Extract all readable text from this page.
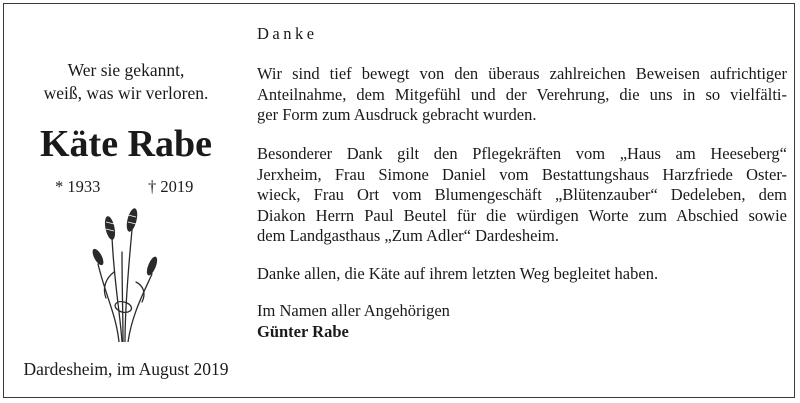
Wer sie gekannt,
weiß, was wir verloren.
Käte Rabe
* 1933	† 2019
Dardesheim, im August 2019
Danke
Wir sind tief bewegt von den überaus zahlreichen Beweisen aufrichtiger
Anteilnahme, dem Mitgefühl und der Verehrung, die uns in so vielfälti-
ger Form zum Ausdruck gebracht wurden.
Besonderer Dank gilt den Pflegekräften vom „Haus am Heeseberg“
Jerxheim, Frau Simone Daniel vom Bestattungshaus Harzfriede Oster-
wieck, Frau Ort vom Blumengeschäft „Blütenzauber“ Dedeleben, dem
Diakon Herrn Paul Beutel für die würdigen Worte zum Abschied sowie
dem Landgasthaus „Zum Adler“ Dardesheim.
Danke allen, die Käte auf ihrem letzten Weg begleitet haben.
Im Namen aller Angehörigen
Günter Rabe
